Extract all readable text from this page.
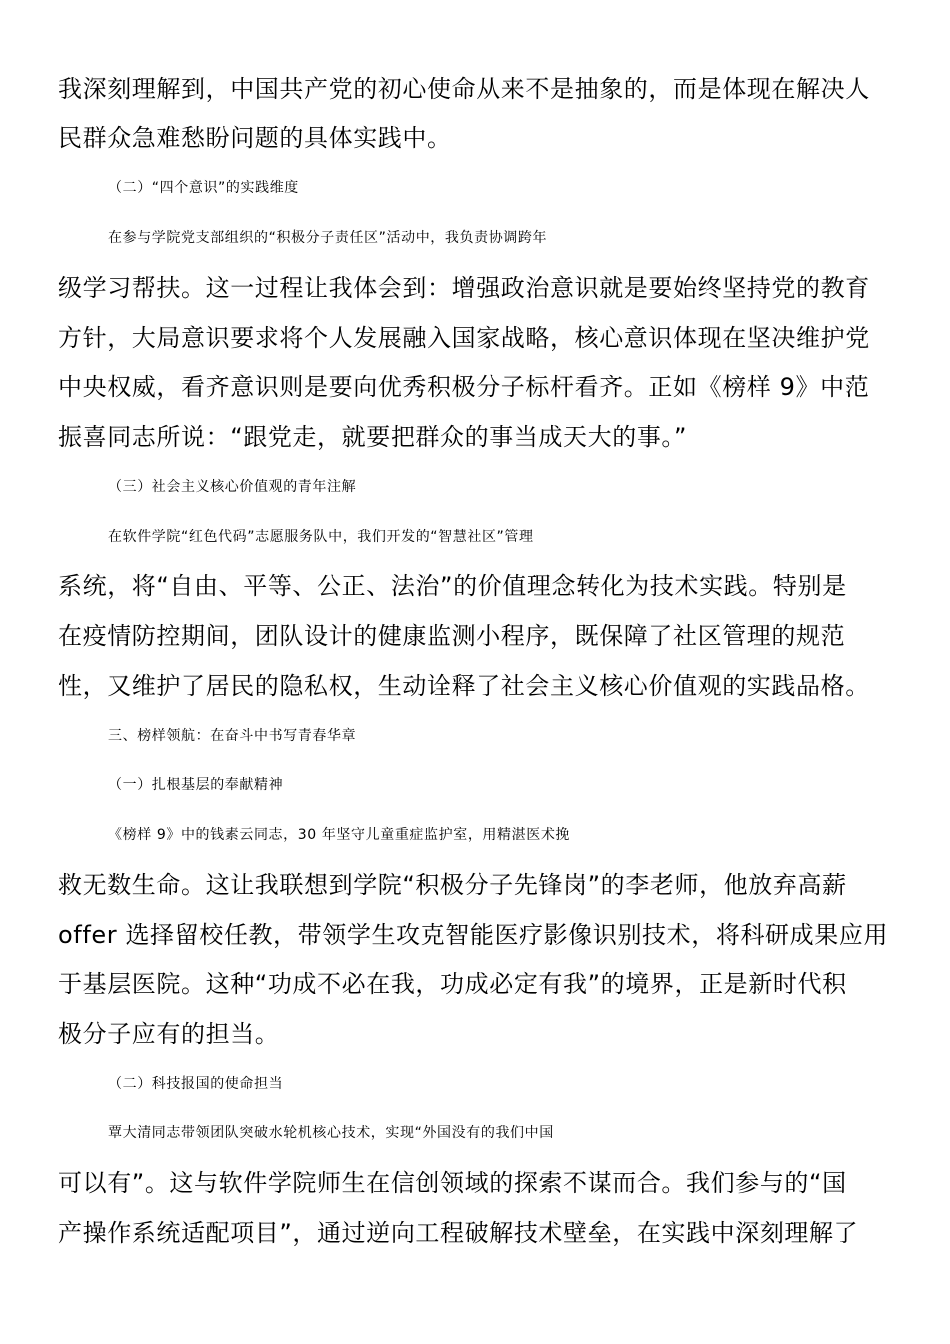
我深刻理解到，中国共产党的初心使命从来不是抽象的，而是体现在解决人
民群众急难愁盼问题的具体实践中。
（二）“四个意识”的实践维度
在参与学院党支部组织的“积极分子责任区”活动中，我负责协调跨年
级学习帮扶。这一过程让我体会到：增强政治意识就是要始终坚持党的教育
方针，大局意识要求将个人发展融入国家战略，核心意识体现在坚决维护党
中央权威，看齐意识则是要向优秀积极分子标杆看齐。正如《榜样 9》中范
振喜同志所说：“跟党走，就要把群众的事当成天大的事。”
（三）社会主义核心价值观的青年注解
在软件学院“红色代码”志愿服务队中，我们开发的“智慧社区”管理
系统，将“自由、平等、公正、法治”的价值理念转化为技术实践。特别是
在疫情防控期间，团队设计的健康监测小程序，既保障了社区管理的规范
性，又维护了居民的隐私权，生动诠释了社会主义核心价值观的实践品格。
三、榜样领航：在奋斗中书写青春华章
（一）扎根基层的奉献精神
《榜样 9》中的钱素云同志，30 年坚守儿童重症监护室，用精湛医术挽
救无数生命。这让我联想到学院“积极分子先锋岗”的李老师，他放弃高薪
offer 选择留校任教，带领学生攻克智能医疗影像识别技术，将科研成果应用
于基层医院。这种“功成不必在我，功成必定有我”的境界，正是新时代积
极分子应有的担当。
（二）科技报国的使命担当
覃大清同志带领团队突破水轮机核心技术，实现“外国没有的我们中国
可以有”。这与软件学院师生在信创领域的探索不谋而合。我们参与的“国
产操作系统适配项目”，通过逆向工程破解技术壁垒，在实践中深刻理解了
